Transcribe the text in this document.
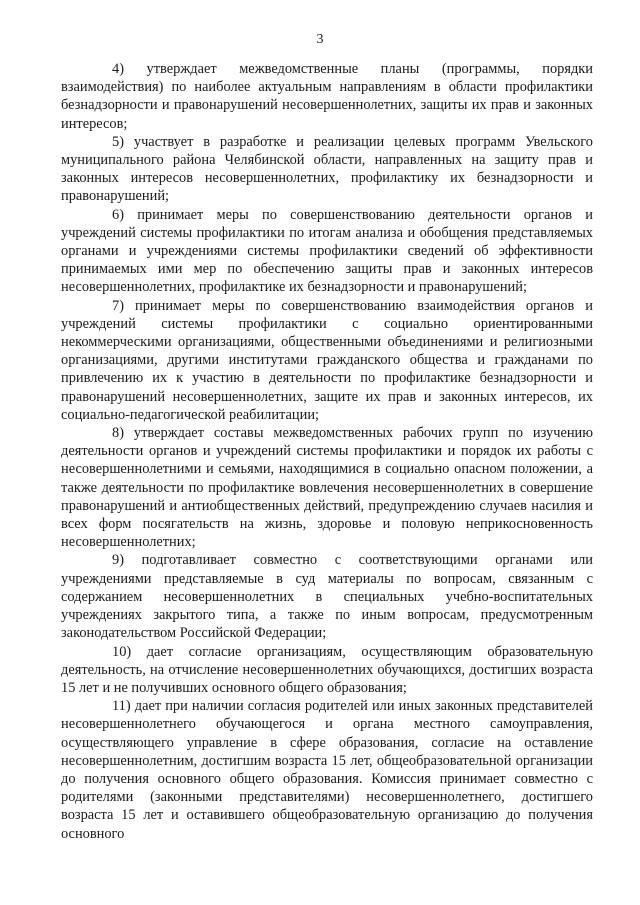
3

4) утверждает межведомственные планы (программы, порядки взаимодействия) по наиболее актуальным направлениям в области профилактики безнадзорности и правонарушений несовершеннолетних, защиты их прав и законных интересов;

5) участвует в разработке и реализации целевых программ Увельского муниципального района Челябинской области, направленных на защиту прав и законных интересов несовершеннолетних, профилактику их безнадзорности и правонарушений;

6) принимает меры по совершенствованию деятельности органов и учреждений системы профилактики по итогам анализа и обобщения представляемых органами и учреждениями системы профилактики сведений об эффективности принимаемых ими мер по обеспечению защиты прав и законных интересов несовершеннолетних, профилактике их безнадзорности и правонарушений;

7) принимает меры по совершенствованию взаимодействия органов и учреждений системы профилактики с социально ориентированными некоммерческими организациями, общественными объединениями и религиозными организациями, другими институтами гражданского общества и гражданами по привлечению их к участию в деятельности по профилактике безнадзорности и правонарушений несовершеннолетних, защите их прав и законных интересов, их социально-педагогической реабилитации;

8) утверждает составы межведомственных рабочих групп по изучению деятельности органов и учреждений системы профилактики и порядок их работы с несовершеннолетними и семьями, находящимися в социально опасном положении, а также деятельности по профилактике вовлечения несовершеннолетних в совершение правонарушений и антиобщественных действий, предупреждению случаев насилия и всех форм посягательств на жизнь, здоровье и половую неприкосновенность несовершеннолетних;

9) подготавливает совместно с соответствующими органами или учреждениями представляемые в суд материалы по вопросам, связанным с содержанием несовершеннолетних в специальных учебно-воспитательных учреждениях закрытого типа, а также по иным вопросам, предусмотренным законодательством Российской Федерации;

10) дает согласие организациям, осуществляющим образовательную деятельность, на отчисление несовершеннолетних обучающихся, достигших возраста 15 лет и не получивших основного общего образования;

11) дает при наличии согласия родителей или иных законных представителей несовершеннолетнего обучающегося и органа местного самоуправления, осуществляющего управление в сфере образования, согласие на оставление несовершеннолетним, достигшим возраста 15 лет, общеобразовательной организации до получения основного общего образования. Комиссия принимает совместно с родителями (законными представителями) несовершеннолетнего, достигшего возраста 15 лет и оставившего общеобразовательную организацию до получения основного
